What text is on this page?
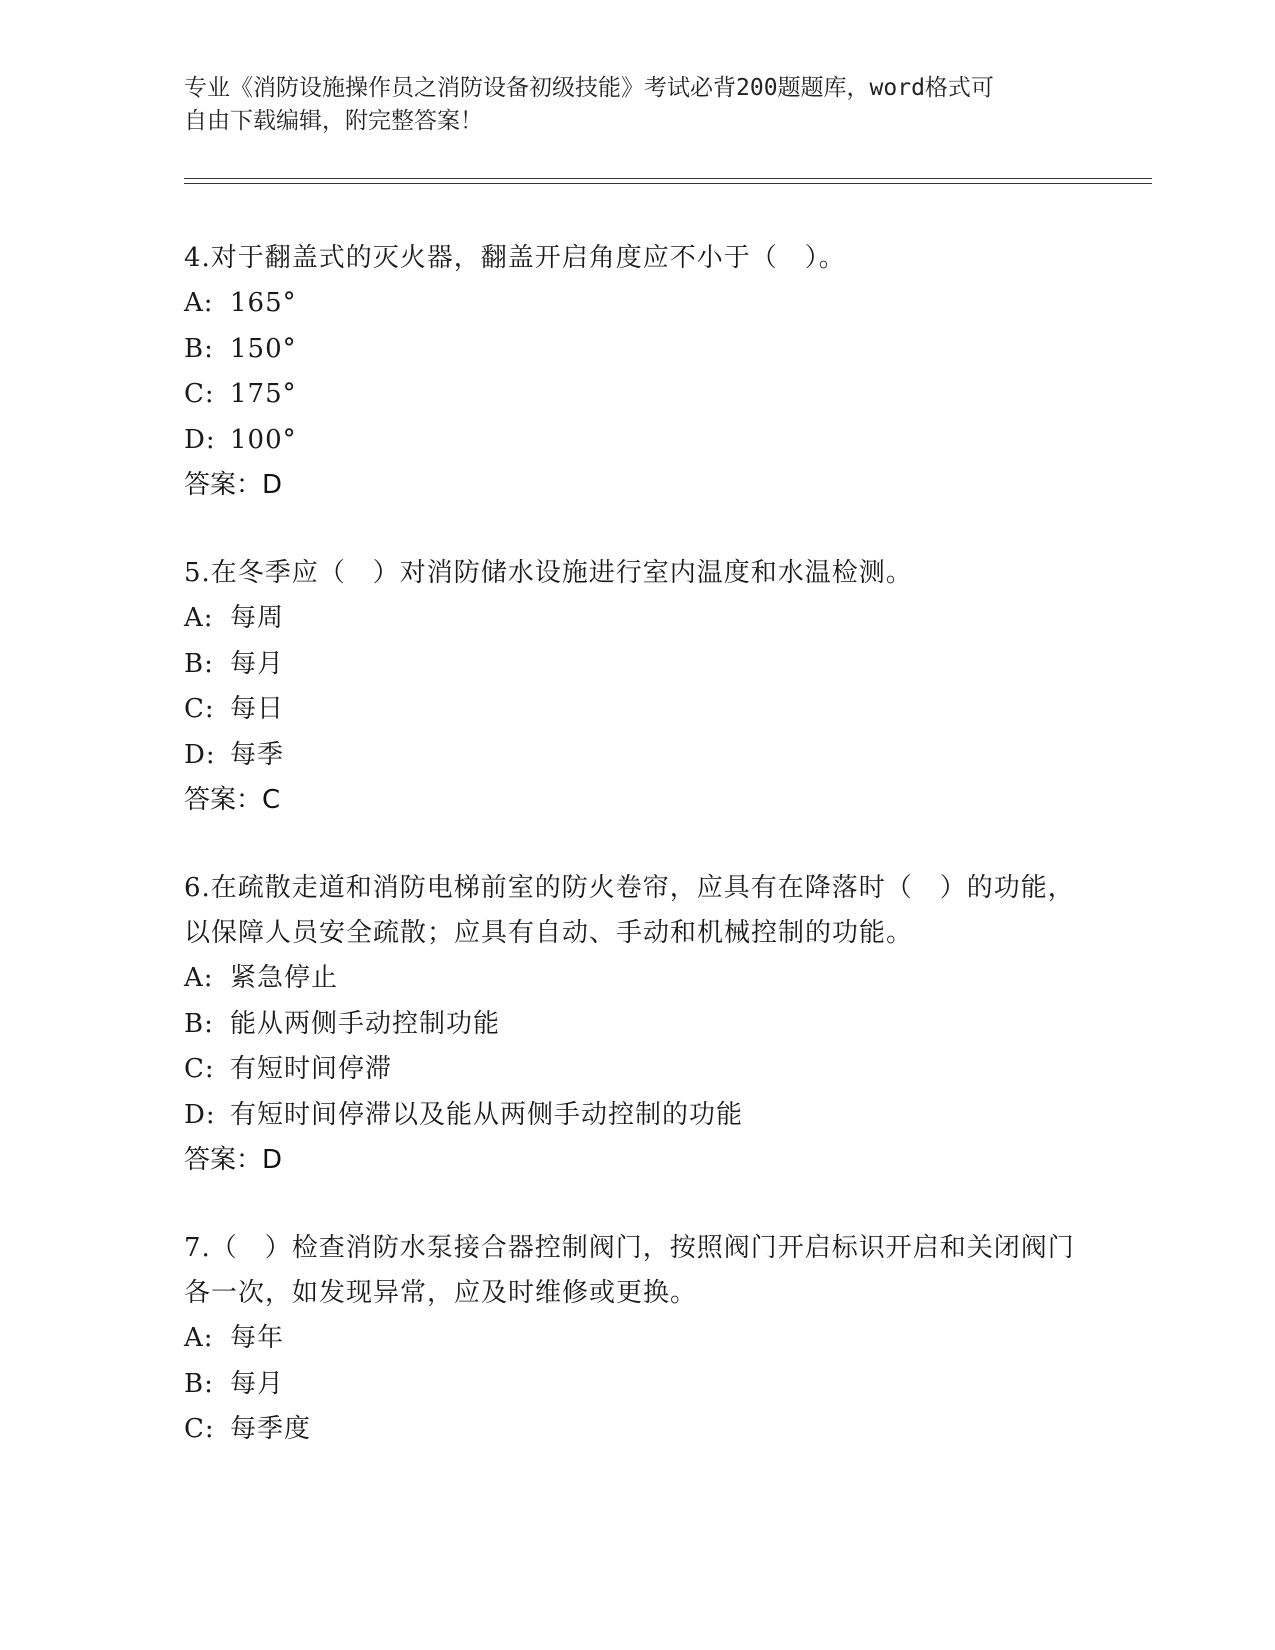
专业《消防设施操作员之消防设备初级技能》考试必背200题题库，word格式可
自由下载编辑，附完整答案！

4.对于翻盖式的灭火器，翻盖开启角度应不小于（　）。

A: 165°

B: 150°

C: 175°

D: 100°

答案：D

5.在冬季应（　）对消防储水设施进行室内温度和水温检测。

A: 每周

B: 每月

C: 每日

D: 每季

答案：C

6.在疏散走道和消防电梯前室的防火卷帘，应具有在降落时（　）的功能，以保障人员安全疏散；应具有自动、手动和机械控制的功能。

A: 紧急停止

B: 能从两侧手动控制功能

C: 有短时间停滞

D: 有短时间停滞以及能从两侧手动控制的功能

答案：D

7.（　）检查消防水泵接合器控制阀门，按照阀门开启标识开启和关闭阀门各一次，如发现异常，应及时维修或更换。

A: 每年

B: 每月

C: 每季度
